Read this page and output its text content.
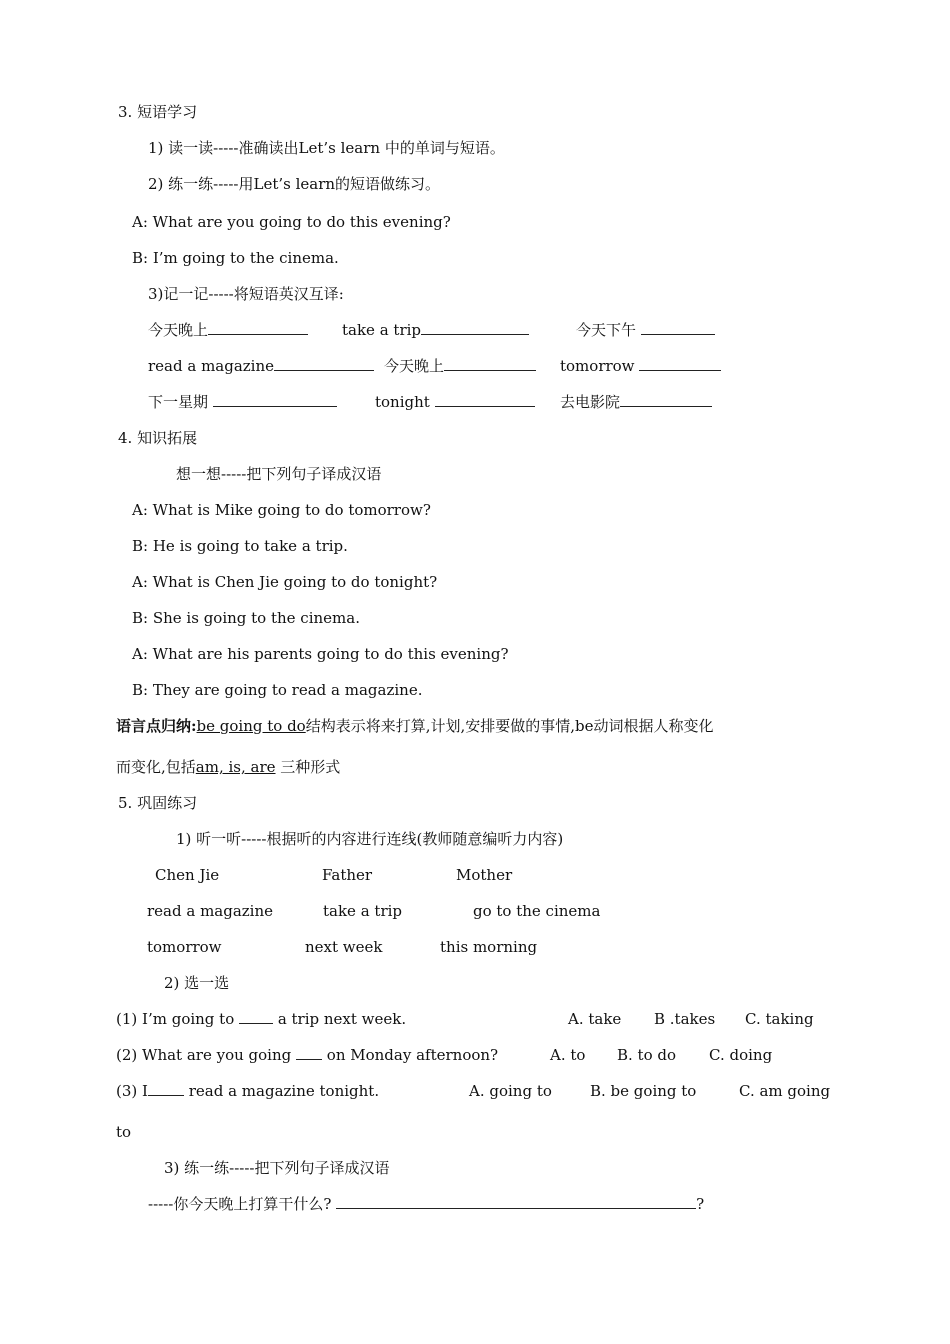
3. 短语学习
1) 读一读-----准确读出Let’s learn 中的单词与短语。
2) 练一练-----用Let’s learn的短语做练习。
A: What are you going to do this evening?
B: I’m going to the cinema.
3)记一记-----将短语英汉互译:
今天晚上	take a trip	今天下午
read a magazine	今天晚上	tomorrow
下一星期	tonight	去电影院
4. 知识拓展
想一想-----把下列句子译成汉语
A: What is Mike going to do tomorrow?
B: He is going to take a trip.
A: What is Chen Jie going to do tonight?
B: She is going to the cinema.
A: What are his parents going to do this evening?
B: They are going to read a magazine.
语言点归纳:be going to do结构表示将来打算,计划,安排要做的事情,be动词根据人称变化
而变化,包括am, is, are 三种形式
5. 巩固练习
1) 听一听-----根据听的内容进行连线(教师随意编听力内容)
Chen Jie	Father	Mother
read a magazine	take a trip	go to the cinema
tomorrow	next week	this morning
2) 选一选
(1) I’m going to	a trip next week.	A. take B .takes C. taking
(2) What are you going on Monday afternoon?	A. to B. to do C. doing
(3) I read a magazine tonight.	A. going to	B. be going to	C. am going
to
3) 练一练-----把下列句子译成汉语
-----你今天晚上打算干什么?	?
